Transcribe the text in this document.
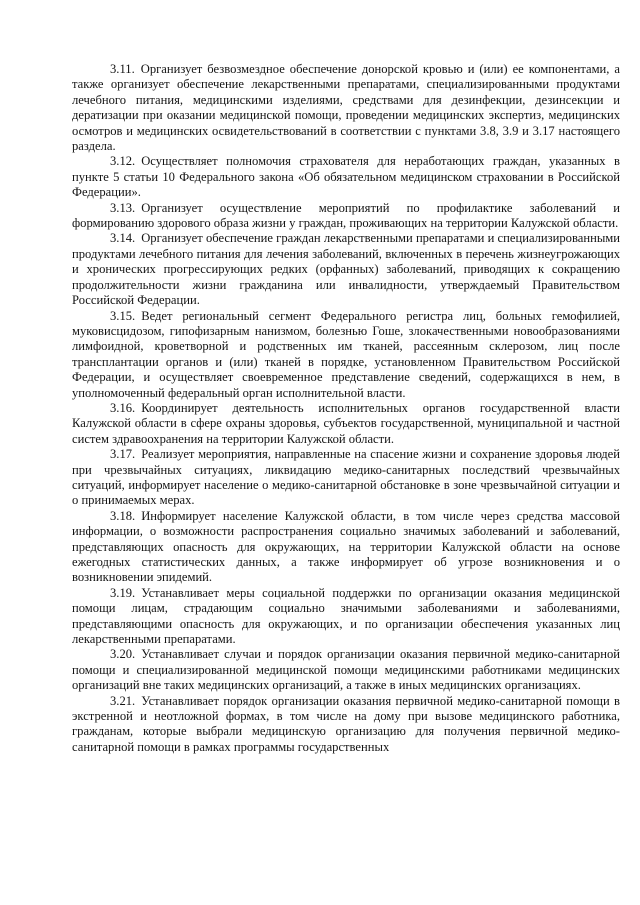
3.11. Организует безвозмездное обеспечение донорской кровью и (или) ее компонентами, а также организует обеспечение лекарственными препаратами, специализированными продуктами лечебного питания, медицинскими изделиями, средствами для дезинфекции, дезинсекции и дератизации при оказании медицинской помощи, проведении медицинских экспертиз, медицинских осмотров и медицинских освидетельствований в соответствии с пунктами 3.8, 3.9 и 3.17 настоящего раздела.

3.12. Осуществляет полномочия страхователя для неработающих граждан, указанных в пункте 5 статьи 10 Федерального закона «Об обязательном медицинском страховании в Российской Федерации».

3.13. Организует осуществление мероприятий по профилактике заболеваний и формированию здорового образа жизни у граждан, проживающих на территории Калужской области.

3.14. Организует обеспечение граждан лекарственными препаратами и специализированными продуктами лечебного питания для лечения заболеваний, включенных в перечень жизнеугрожающих и хронических прогрессирующих редких (орфанных) заболеваний, приводящих к сокращению продолжительности жизни гражданина или инвалидности, утверждаемый Правительством Российской Федерации.

3.15. Ведет региональный сегмент Федерального регистра лиц, больных гемофилией, муковисцидозом, гипофизарным нанизмом, болезнью Гоше, злокачественными новообразованиями лимфоидной, кроветворной и родственных им тканей, рассеянным склерозом, лиц после трансплантации органов и (или) тканей в порядке, установленном Правительством Российской Федерации, и осуществляет своевременное представление сведений, содержащихся в нем, в уполномоченный федеральный орган исполнительной власти.

3.16. Координирует деятельность исполнительных органов государственной власти Калужской области в сфере охраны здоровья, субъектов государственной, муниципальной и частной систем здравоохранения на территории Калужской области.

3.17. Реализует мероприятия, направленные на спасение жизни и сохранение здоровья людей при чрезвычайных ситуациях, ликвидацию медико-санитарных последствий чрезвычайных ситуаций, информирует население о медико-санитарной обстановке в зоне чрезвычайной ситуации и о принимаемых мерах.

3.18. Информирует население Калужской области, в том числе через средства массовой информации, о возможности распространения социально значимых заболеваний и заболеваний, представляющих опасность для окружающих, на территории Калужской области на основе ежегодных статистических данных, а также информирует об угрозе возникновения и о возникновении эпидемий.

3.19. Устанавливает меры социальной поддержки по организации оказания медицинской помощи лицам, страдающим социально значимыми заболеваниями и заболеваниями, представляющими опасность для окружающих, и по организации обеспечения указанных лиц лекарственными препаратами.

3.20. Устанавливает случаи и порядок организации оказания первичной медико-санитарной помощи и специализированной медицинской помощи медицинскими работниками медицинских организаций вне таких медицинских организаций, а также в иных медицинских организациях.

3.21. Устанавливает порядок организации оказания первичной медико-санитарной помощи в экстренной и неотложной формах, в том числе на дому при вызове медицинского работника, гражданам, которые выбрали медицинскую организацию для получения первичной медико-санитарной помощи в рамках программы государственных
